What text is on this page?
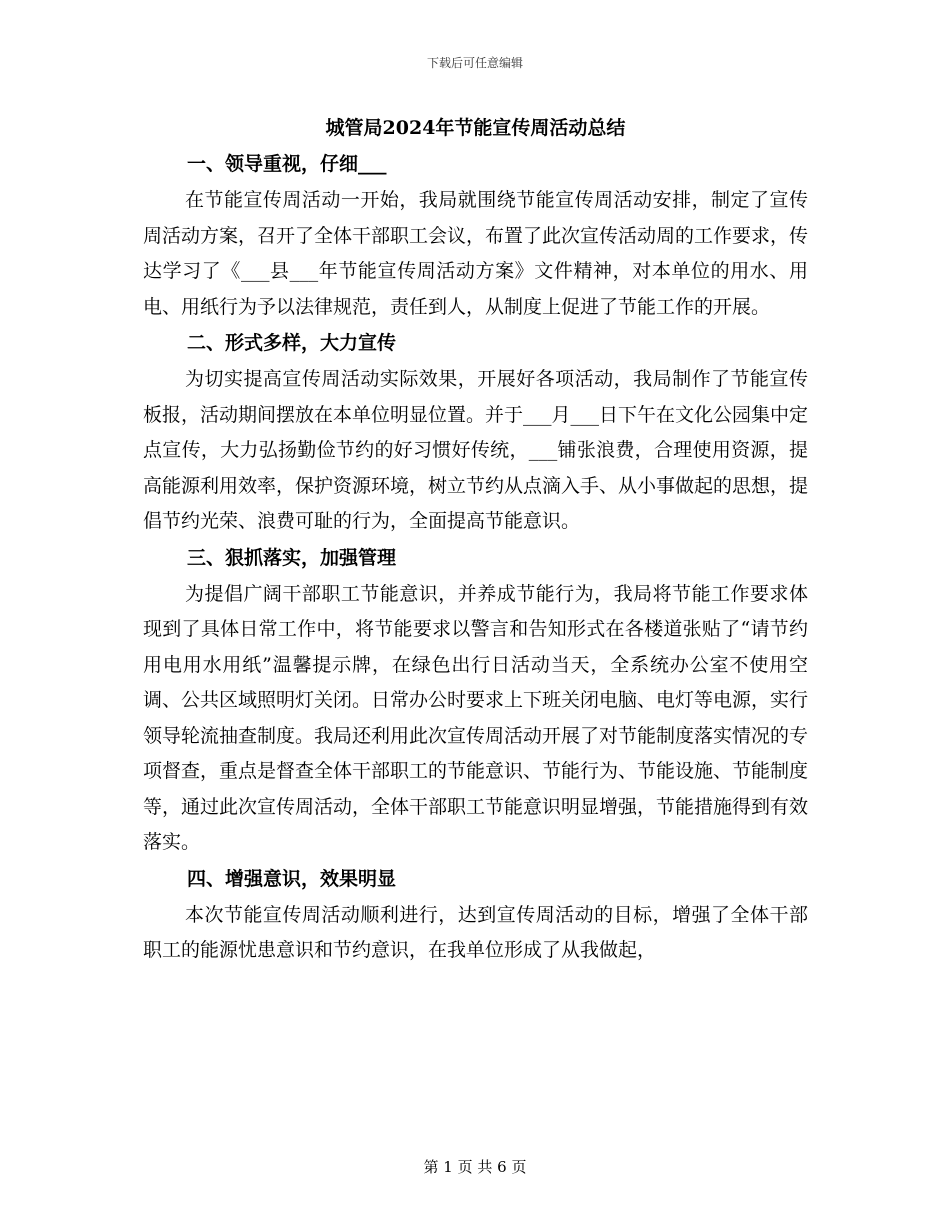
下载后可任意编辑
城管局2024年节能宣传周活动总结
一、领导重视，仔细___

在节能宣传周活动一开始，我局就围绕节能宣传周活动安排，制定了宣传周活动方案，召开了全体干部职工会议，布置了此次宣传活动周的工作要求，传达学习了《___县___年节能宣传周活动方案》文件精神，对本单位的用水、用电、用纸行为予以法律规范，责任到人，从制度上促进了节能工作的开展。

二、形式多样，大力宣传

为切实提高宣传周活动实际效果，开展好各项活动，我局制作了节能宣传板报，活动期间摆放在本单位明显位置。并于___月___日下午在文化公园集中定点宣传，大力弘扬勤俭节约的好习惯好传统，___铺张浪费，合理使用资源，提高能源利用效率，保护资源环境，树立节约从点滴入手、从小事做起的思想，提倡节约光荣、浪费可耻的行为，全面提高节能意识。

三、狠抓落实，加强管理

为提倡广阔干部职工节能意识，并养成节能行为，我局将节能工作要求体现到了具体日常工作中，将节能要求以警言和告知形式在各楼道张贴了“请节约用电用水用纸”温馨提示牌，在绿色出行日活动当天，全系统办公室不使用空调、公共区域照明灯关闭。日常办公时要求上下班关闭电脑、电灯等电源，实行领导轮流抽查制度。我局还利用此次宣传周活动开展了对节能制度落实情况的专项督查，重点是督查全体干部职工的节能意识、节能行为、节能设施、节能制度等，通过此次宣传周活动，全体干部职工节能意识明显增强，节能措施得到有效落实。

四、增强意识，效果明显

本次节能宣传周活动顺利进行，达到宣传周活动的目标，增强了全体干部职工的能源忧患意识和节约意识，在我单位形成了从我做起，

第 1 页 共 6 页
